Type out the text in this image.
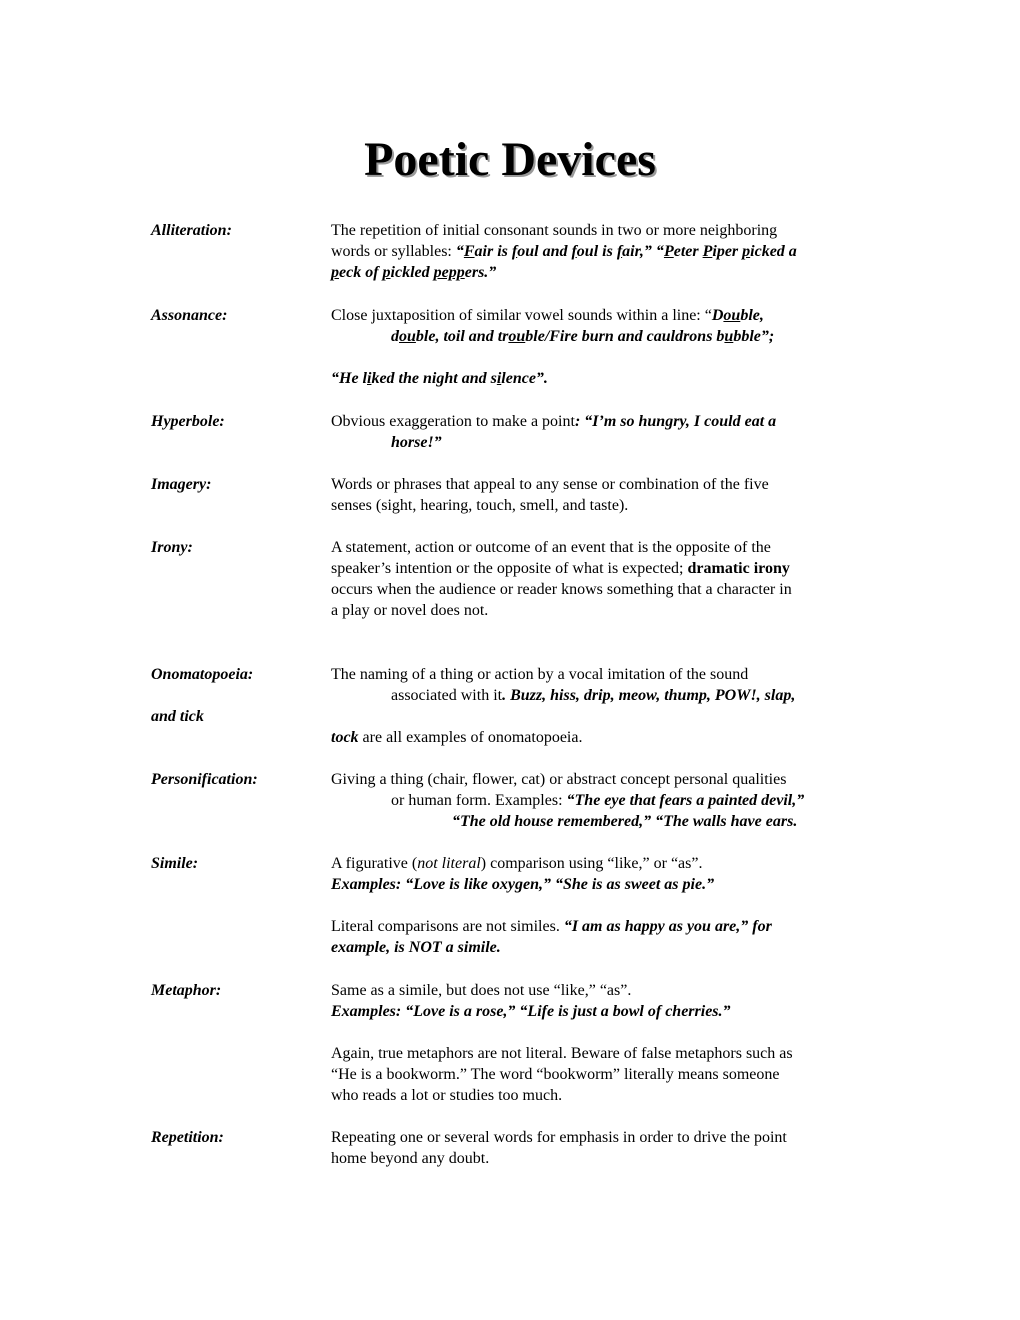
Poetic Devices
Alliteration:	The repetition of initial consonant sounds in two or more neighboring
words or syllables: “Fair is foul and foul is fair,” “Peter Piper picked a
peck of pickled peppers.”
Assonance:	Close juxtaposition of similar vowel sounds within a line: “Double,
double, toil and trouble/Fire burn and cauldrons bubble”;
“He liked the night and silence”.
Hyperbole:	Obvious exaggeration to make a point: “I’m so hungry, I could eat a
horse!”
Imagery:	Words or phrases that appeal to any sense or combination of the five
senses (sight, hearing, touch, smell, and taste).
Irony:	A statement, action or outcome of an event that is the opposite of the
speaker’s intention or the opposite of what is expected; dramatic irony
occurs when the audience or reader knows something that a character in
a play or novel does not.
Onomatopoeia:	The naming of a thing or action by a vocal imitation of the sound
associated with it. Buzz, hiss, drip, meow, thump, POW!, slap,
and tick
tock are all examples of onomatopoeia.
Personification:	Giving a thing (chair, flower, cat) or abstract concept personal qualities
or human form. Examples: “The eye that fears a painted devil,”
“The old house remembered,” “The walls have ears.
Simile:	A figurative (not literal) comparison using “like,” or “as”.
Examples: “Love is like oxygen,” “She is as sweet as pie.”
Literal comparisons are not similes. “I am as happy as you are,” for
example, is NOT a simile.
Metaphor:	Same as a simile, but does not use “like,” “as”.
Examples: “Love is a rose,” “Life is just a bowl of cherries.”
Again, true metaphors are not literal. Beware of false metaphors such as
“He is a bookworm.” The word “bookworm” literally means someone
who reads a lot or studies too much.
Repetition:	Repeating one or several words for emphasis in order to drive the point
home beyond any doubt.
